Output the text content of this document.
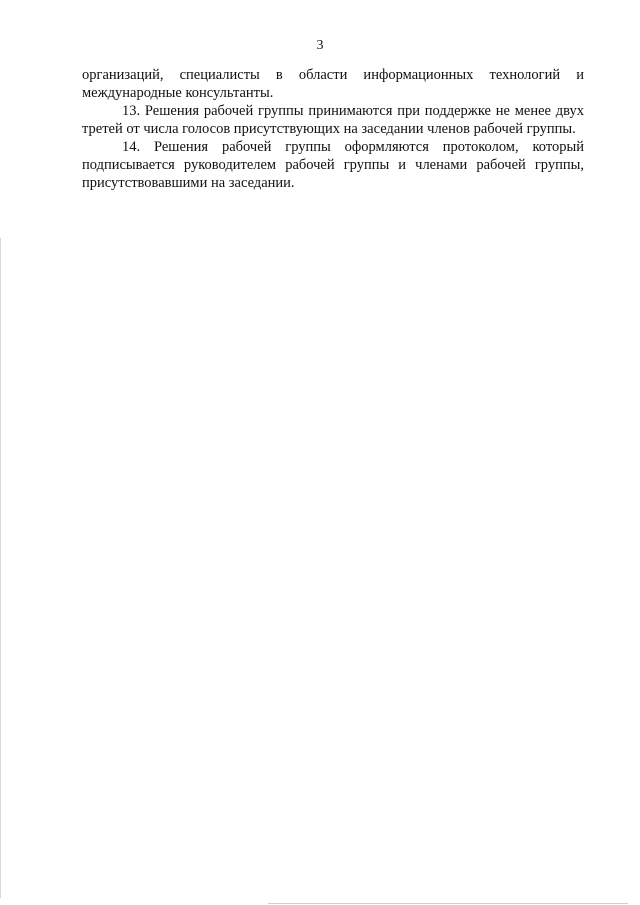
3

организаций, специалисты в области информационных технологий и международные консультанты.

13. Решения рабочей группы принимаются при поддержке не менее двух третей от числа голосов присутствующих на заседании членов рабочей группы.

14. Решения рабочей группы оформляются протоколом, который подписывается руководителем рабочей группы и членами рабочей группы, присутствовавшими на заседании.
